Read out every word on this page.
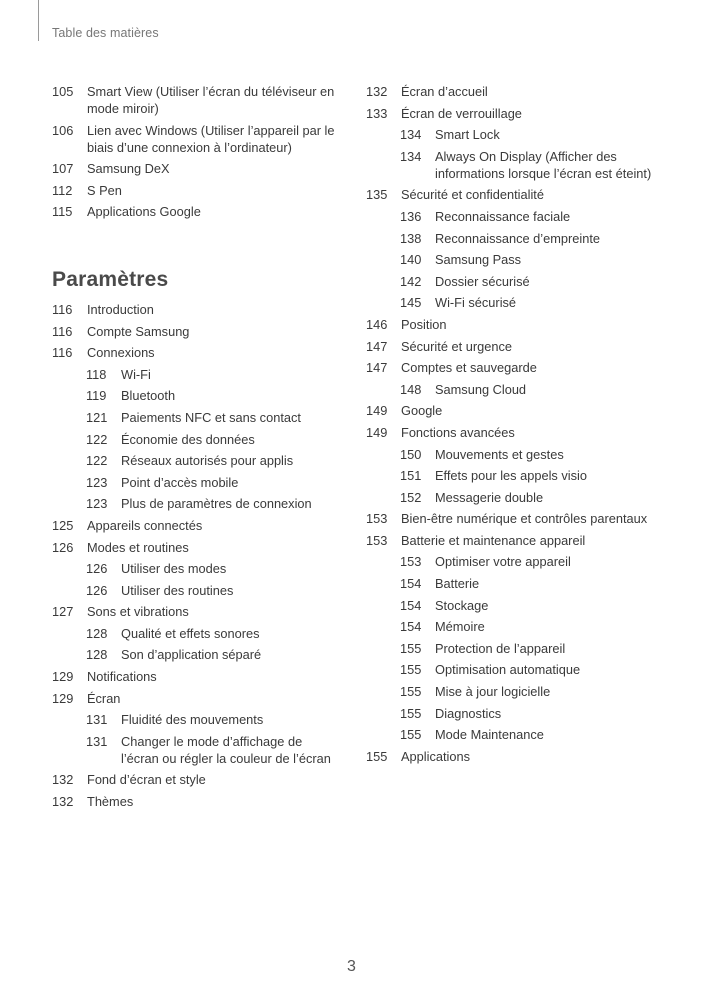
Table des matières
105	Smart View (Utiliser l’écran du téléviseur en mode miroir)
106	Lien avec Windows (Utiliser l’appareil par le biais d’une connexion à l’ordinateur)
107	Samsung DeX
112	S Pen
115	Applications Google
Paramètres
116	Introduction
116	Compte Samsung
116	Connexions
118	Wi-Fi
119	Bluetooth
121	Paiements NFC et sans contact
122	Économie des données
122	Réseaux autorisés pour applis
123	Point d’accès mobile
123	Plus de paramètres de connexion
125	Appareils connectés
126	Modes et routines
126	Utiliser des modes
126	Utiliser des routines
127	Sons et vibrations
128	Qualité et effets sonores
128	Son d’application séparé
129	Notifications
129	Écran
131	Fluidité des mouvements
131	Changer le mode d’affichage de l’écran ou régler la couleur de l’écran
132	Fond d’écran et style
132	Thèmes
132	Écran d’accueil
133	Écran de verrouillage
134	Smart Lock
134	Always On Display (Afficher des informations lorsque l’écran est éteint)
135	Sécurité et confidentialité
136	Reconnaissance faciale
138	Reconnaissance d’empreinte
140	Samsung Pass
142	Dossier sécurisé
145	Wi-Fi sécurisé
146	Position
147	Sécurité et urgence
147	Comptes et sauvegarde
148	Samsung Cloud
149	Google
149	Fonctions avancées
150	Mouvements et gestes
151	Effets pour les appels visio
152	Messagerie double
153	Bien-être numérique et contrôles parentaux
153	Batterie et maintenance appareil
153	Optimiser votre appareil
154	Batterie
154	Stockage
154	Mémoire
155	Protection de l’appareil
155	Optimisation automatique
155	Mise à jour logicielle
155	Diagnostics
155	Mode Maintenance
155	Applications
3
